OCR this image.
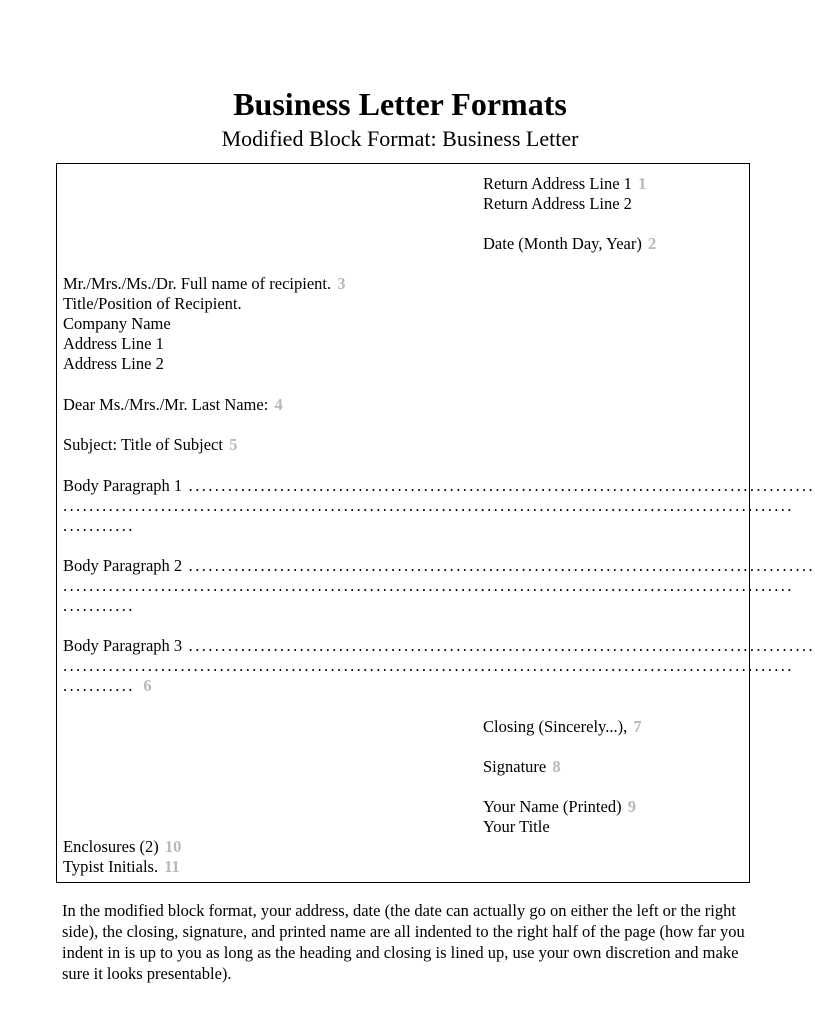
Business Letter Formats
Modified Block Format: Business Letter
Return Address Line 1 1
Return Address Line 2
Date (Month Day, Year) 2
Mr./Mrs./Ms./Dr. Full name of recipient. 3
Title/Position of Recipient.
Company Name
Address Line 1
Address Line 2
Dear Ms./Mrs./Mr. Last Name: 4
Subject: Title of Subject 5
Body Paragraph 1 ................................................................................................
................................................................................................................
...........
Body Paragraph 2 ................................................................................................
................................................................................................................
...........
Body Paragraph 3 ................................................................................................
................................................................................................................
........... 6
Closing (Sincerely...), 7
Signature 8
Your Name (Printed) 9
Your Title
Enclosures (2) 10
Typist Initials. 11
In the modified block format, your address, date (the date can actually go on either the left or the right side), the closing, signature, and printed name are all indented to the right half of the page (how far you indent in is up to you as long as the heading and closing is lined up, use your own discretion and make sure it looks presentable).
